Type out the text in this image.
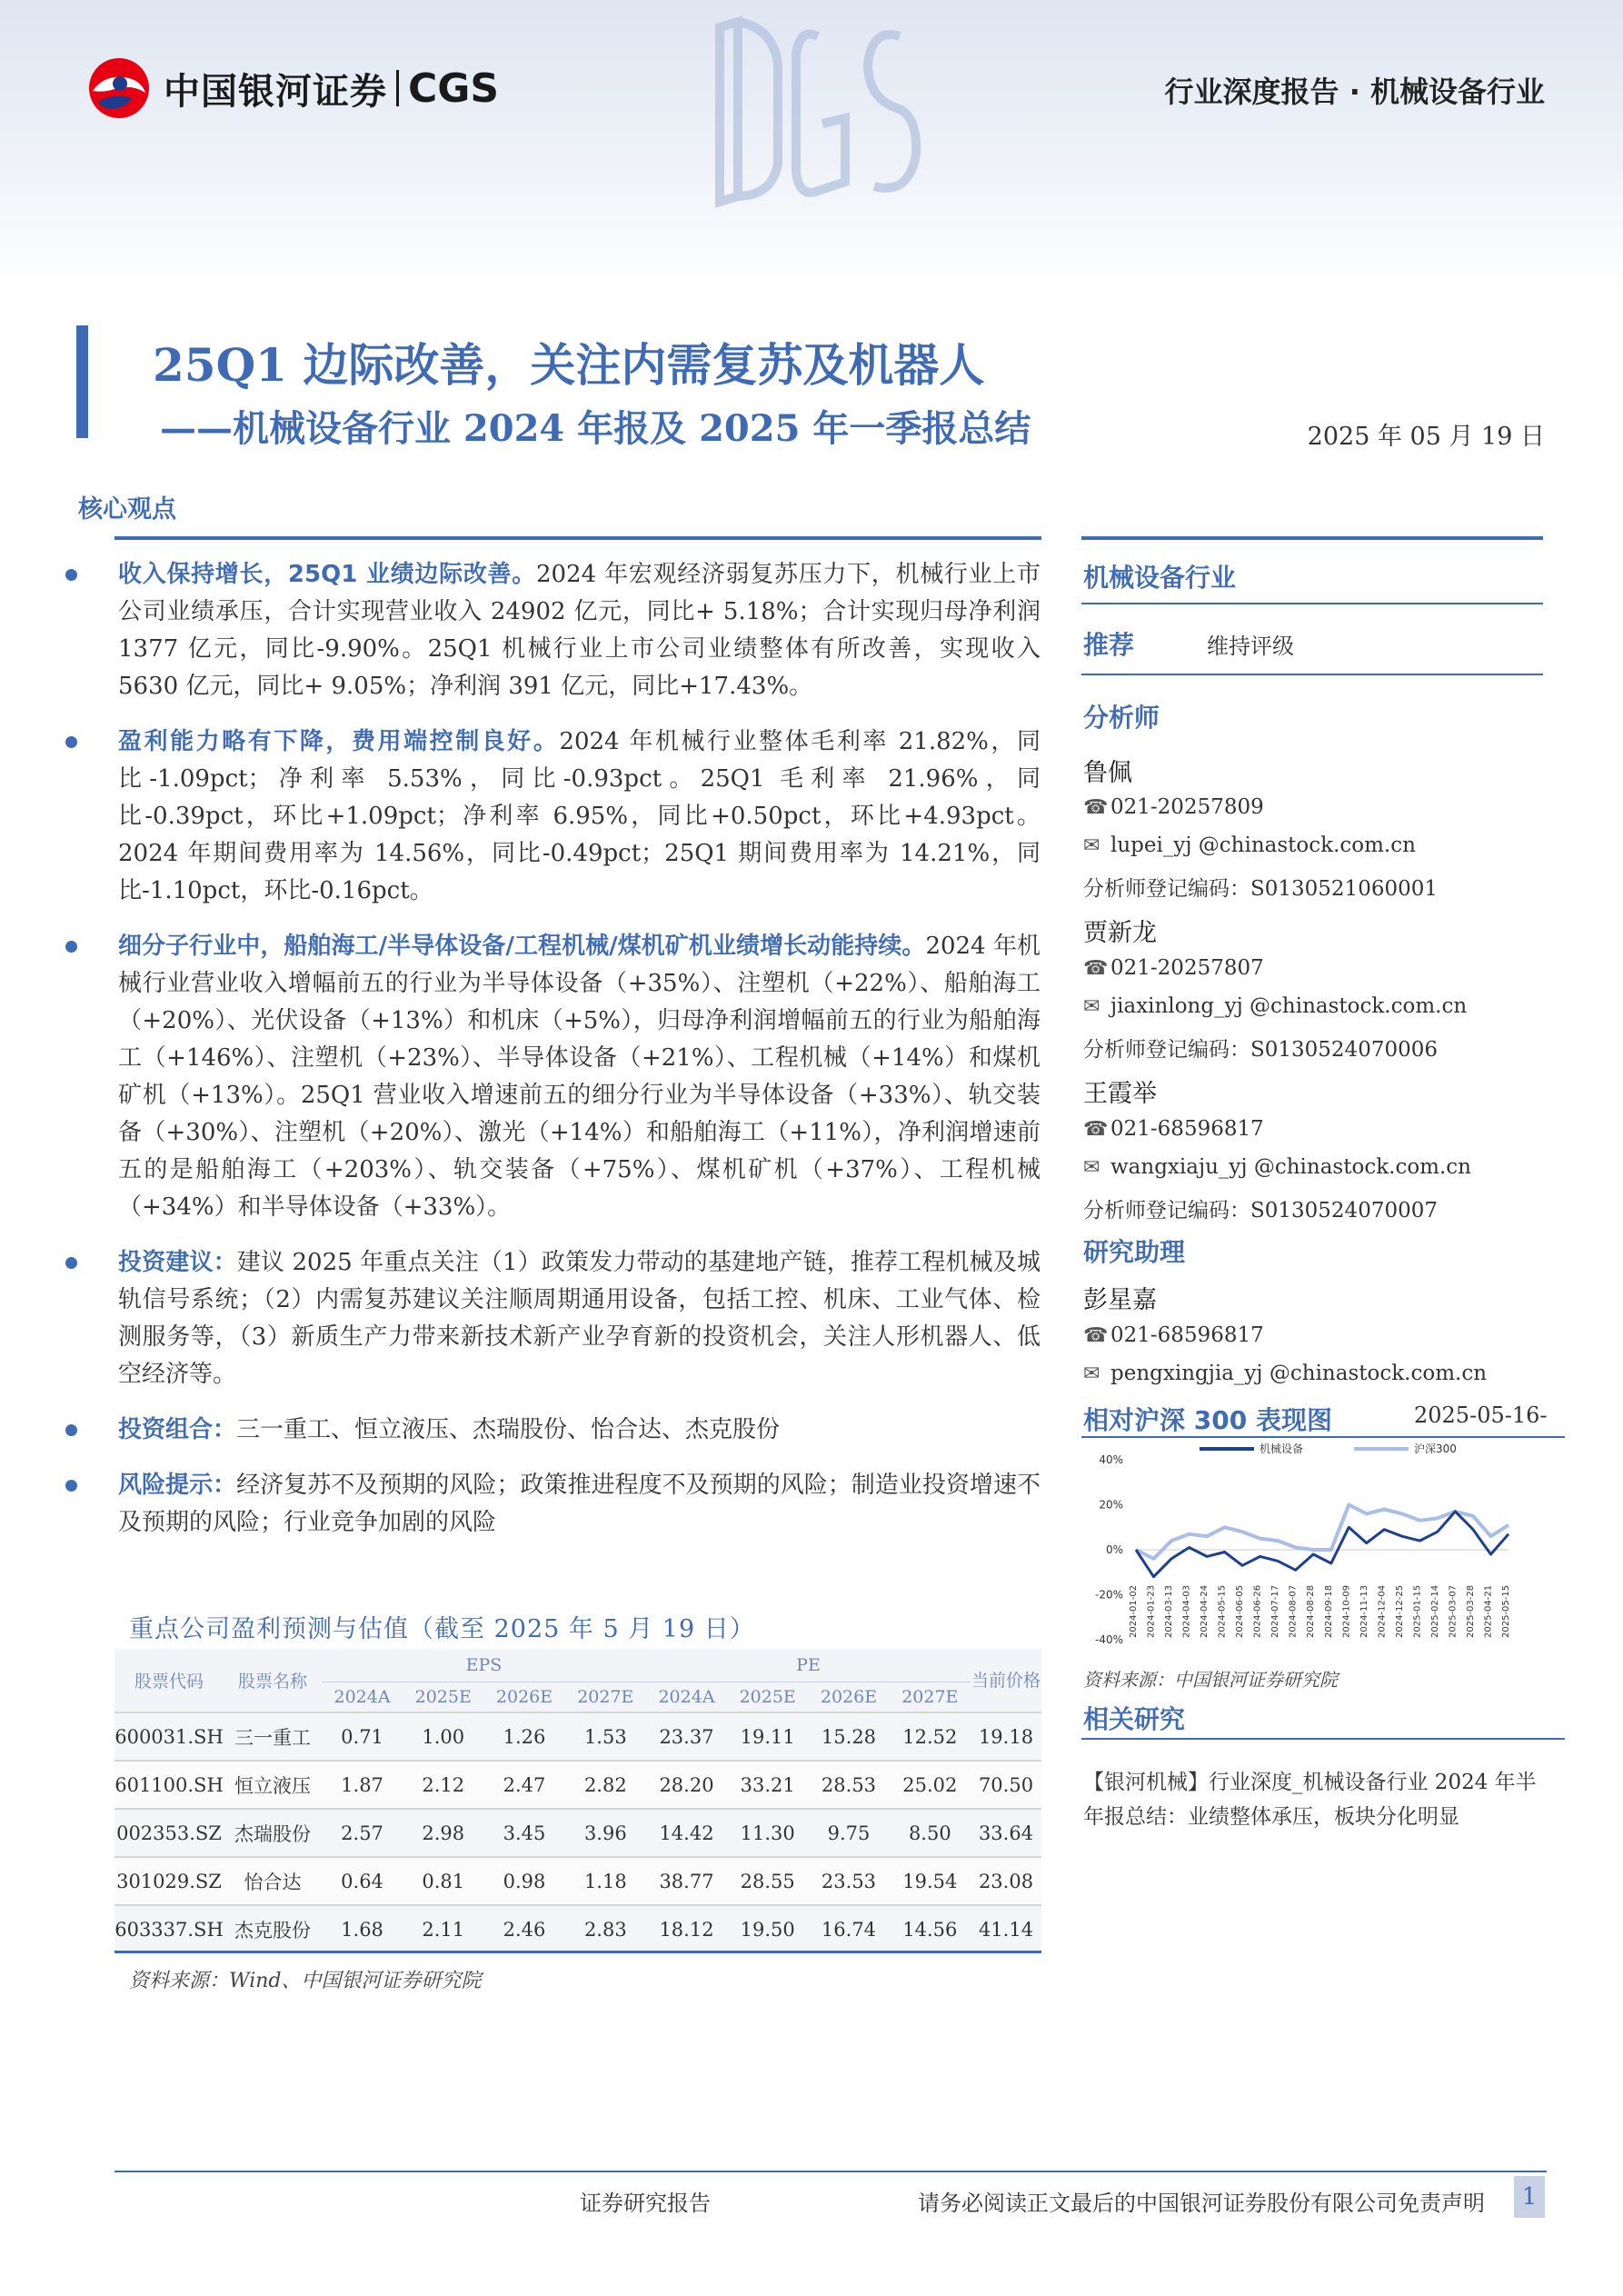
中国银河证券 CGS	行业深度报告 · 机械设备行业
25Q1 边际改善，关注内需复苏及机器人
——机械设备行业 2024 年报及 2025 年一季报总结	2025 年 05 月 19 日
核心观点
收入保持增长，25Q1 业绩边际改善。2024 年宏观经济弱复苏压力下，机械行业上市公司业绩承压，合计实现营业收入 24902 亿元，同比+ 5.18%；合计实现归母净利润 1377 亿元，同比-9.90%。25Q1 机械行业上市公司业绩整体有所改善，实现收入 5630 亿元，同比+ 9.05%；净利润 391 亿元，同比+17.43%。
盈利能力略有下降，费用端控制良好。2024 年机械行业整体毛利率 21.82%，同比-1.09pct；净利率 5.53%，同比-0.93pct。25Q1 毛利率 21.96%，同比-0.39pct，环比+1.09pct；净利率 6.95%，同比+0.50pct，环比+4.93pct。2024 年期间费用率为 14.56%，同比-0.49pct；25Q1 期间费用率为 14.21%，同比-1.10pct，环比-0.16pct。
细分子行业中，船舶海工/半导体设备/工程机械/煤机矿机业绩增长动能持续。2024 年机械行业营业收入增幅前五的行业为半导体设备（+35%）、注塑机（+22%）、船舶海工（+20%）、光伏设备（+13%）和机床（+5%），归母净利润增幅前五的行业为船舶海工（+146%）、注塑机（+23%）、半导体设备（+21%）、工程机械（+14%）和煤机矿机（+13%）。25Q1 营业收入增速前五的细分行业为半导体设备（+33%）、轨交装备（+30%）、注塑机（+20%）、激光（+14%）和船舶海工（+11%），净利润增速前五的是船舶海工（+203%）、轨交装备（+75%）、煤机矿机（+37%）、工程机械（+34%）和半导体设备（+33%）。
投资建议：建议 2025 年重点关注（1）政策发力带动的基建地产链，推荐工程机械及城轨信号系统；（2）内需复苏建议关注顺周期通用设备，包括工控、机床、工业气体、检测服务等，（3）新质生产力带来新技术新产业孕育新的投资机会，关注人形机器人、低空经济等。
投资组合：三一重工、恒立液压、杰瑞股份、怡合达、杰克股份
风险提示：经济复苏不及预期的风险；政策推进程度不及预期的风险；制造业投资增速不及预期的风险；行业竞争加剧的风险
重点公司盈利预测与估值（截至 2025 年 5 月 19 日）
股票代码	股票名称	EPS				PE				当前价格
		2024A	2025E	2026E	2027E	2024A	2025E	2026E	2027E	
600031.SH	三一重工	0.71	1.00	1.26	1.53	23.37	19.11	15.28	12.52	19.18
601100.SH	恒立液压	1.87	2.12	2.47	2.82	28.20	33.21	28.53	25.02	70.50
002353.SZ	杰瑞股份	2.57	2.98	3.45	3.96	14.42	11.30	9.75	8.50	33.64
301029.SZ	怡合达	0.64	0.81	0.98	1.18	38.77	28.55	23.53	19.54	23.08
603337.SH	杰克股份	1.68	2.11	2.46	2.83	18.12	19.50	16.74	14.56	41.14
资料来源：Wind、中国银河证券研究院
机械设备行业
推荐	维持评级
分析师
鲁佩
☎ 021-20257809
✉ lupei_yj @chinastock.com.cn
分析师登记编码：S0130521060001
贾新龙
☎ 021-20257807
✉ jiaxinlong_yj @chinastock.com.cn
分析师登记编码：S0130524070006
王霞举
☎ 021-68596817
✉ wangxiaju_yj @chinastock.com.cn
分析师登记编码：S0130524070007
研究助理
彭星嘉
☎ 021-68596817
✉ pengxingjia_yj @chinastock.com.cn
相对沪深 300 表现图	2025-05-16-
40%
20%
0%
-20%
-40%
2024-01-02 2024-01-23 2024-03-13 2024-04-03 2024-04-24 2024-05-15 2024-06-05 2024-06-26 2024-07-17 2024-08-07 2024-08-28 2024-09-18 2024-10-09 2024-11-13 2024-12-04 2024-12-25 2025-01-15 2025-02-14 2025-03-07 2025-03-28 2025-04-21 2025-05-15
机械设备	沪深300
资料来源：中国银河证券研究院
相关研究
【银河机械】行业深度_机械设备行业 2024 年半年报总结：业绩整体承压，板块分化明显
证券研究报告	请务必阅读正文最后的中国银河证券股份有限公司免责声明	1
